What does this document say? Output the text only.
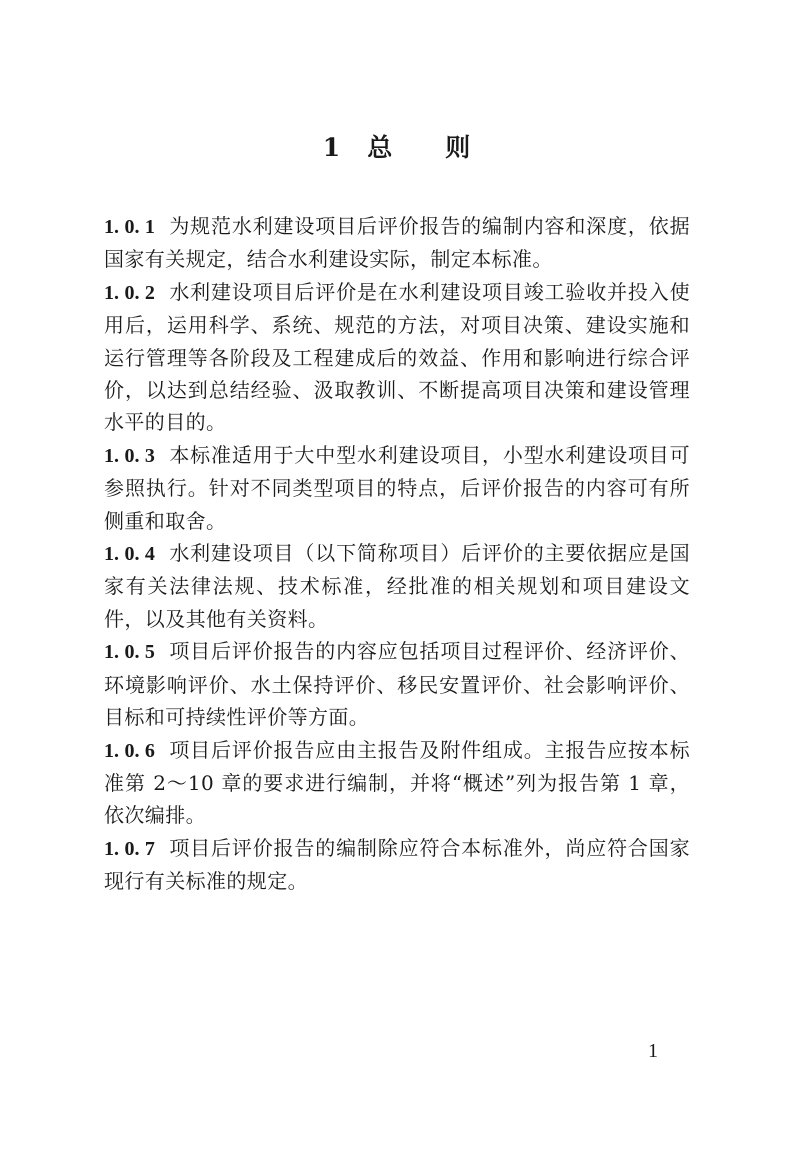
1　 总　　则

1. 0. 1 为规范水利建设项目后评价报告的编制内容和深度，依据国家有关规定，结合水利建设实际，制定本标准。

1. 0. 2 水利建设项目后评价是在水利建设项目竣工验收并投入使用后，运用科学、系统、规范的方法，对项目决策、建设实施和运行管理等各阶段及工程建成后的效益、作用和影响进行综合评价，以达到总结经验、汲取教训、不断提高项目决策和建设管理水平的目的。

1. 0. 3 本标准适用于大中型水利建设项目，小型水利建设项目可参照执行。针对不同类型项目的特点，后评价报告的内容可有所侧重和取舍。

1. 0. 4 水利建设项目（以下简称项目）后评价的主要依据应是国家有关法律法规、技术标准，经批准的相关规划和项目建设文件，以及其他有关资料。

1. 0. 5 项目后评价报告的内容应包括项目过程评价、经济评价、环境影响评价、水土保持评价、移民安置评价、社会影响评价、目标和可持续性评价等方面。

1. 0. 6 项目后评价报告应由主报告及附件组成。主报告应按本标准第 2～10 章的要求进行编制，并将“概述”列为报告第 1 章，依次编排。

1. 0. 7 项目后评价报告的编制除应符合本标准外，尚应符合国家现行有关标准的规定。

1
